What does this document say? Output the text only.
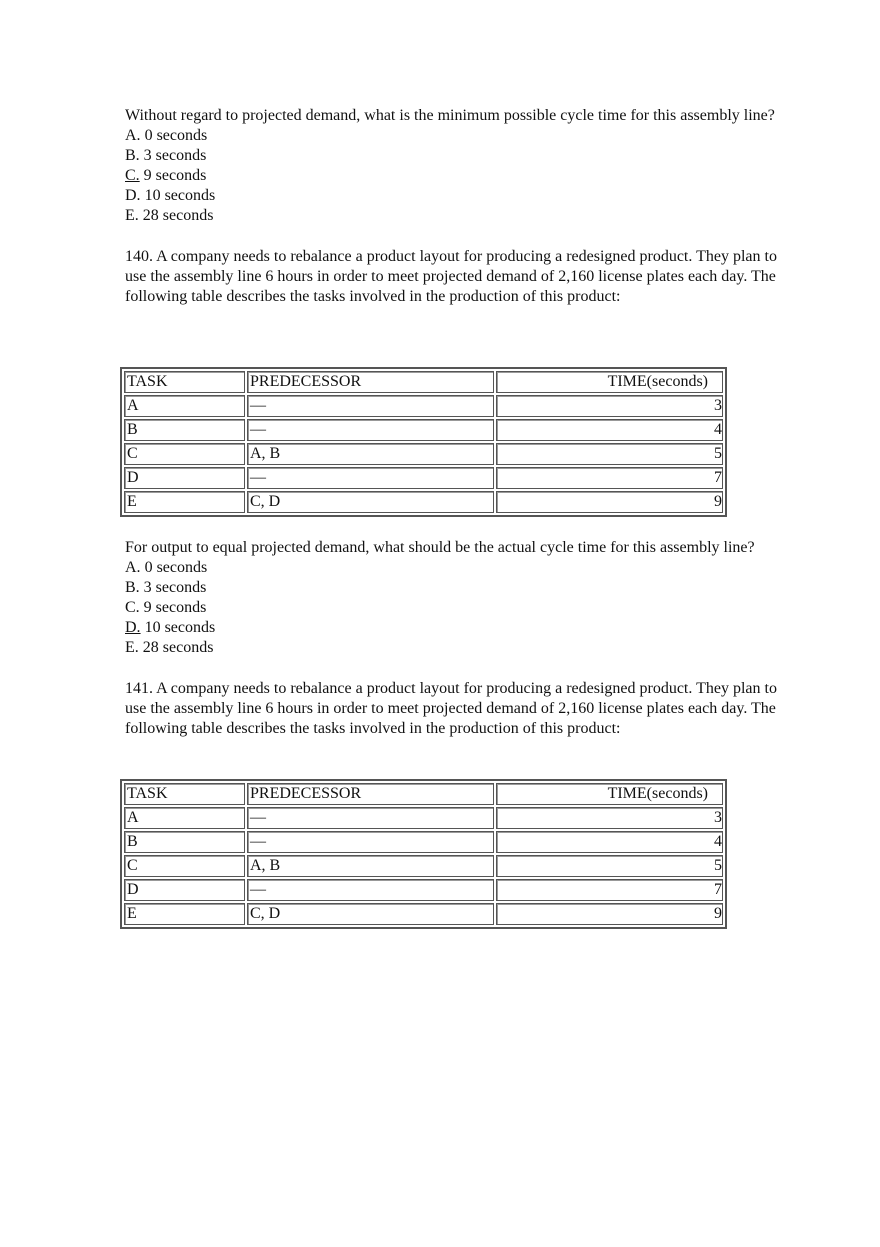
Without regard to projected demand, what is the minimum possible cycle time for this assembly line?

A. 0 seconds
B. 3 seconds
C. 9 seconds
D. 10 seconds
E. 28 seconds

140. A company needs to rebalance a product layout for producing a redesigned product. They plan to use the assembly line 6 hours in order to meet projected demand of 2,160 license plates each day. The following table describes the tasks involved in the production of this product:

TASK	PREDECESSOR	TIME(seconds)
A	—	3
B	—	4
C	A, B	5
D	—	7
E	C, D	9

For output to equal projected demand, what should be the actual cycle time for this assembly line?

A. 0 seconds
B. 3 seconds
C. 9 seconds
D. 10 seconds
E. 28 seconds

141. A company needs to rebalance a product layout for producing a redesigned product. They plan to use the assembly line 6 hours in order to meet projected demand of 2,160 license plates each day. The following table describes the tasks involved in the production of this product:

TASK	PREDECESSOR	TIME(seconds)
A	—	3
B	—	4
C	A, B	5
D	—	7
E	C, D	9
